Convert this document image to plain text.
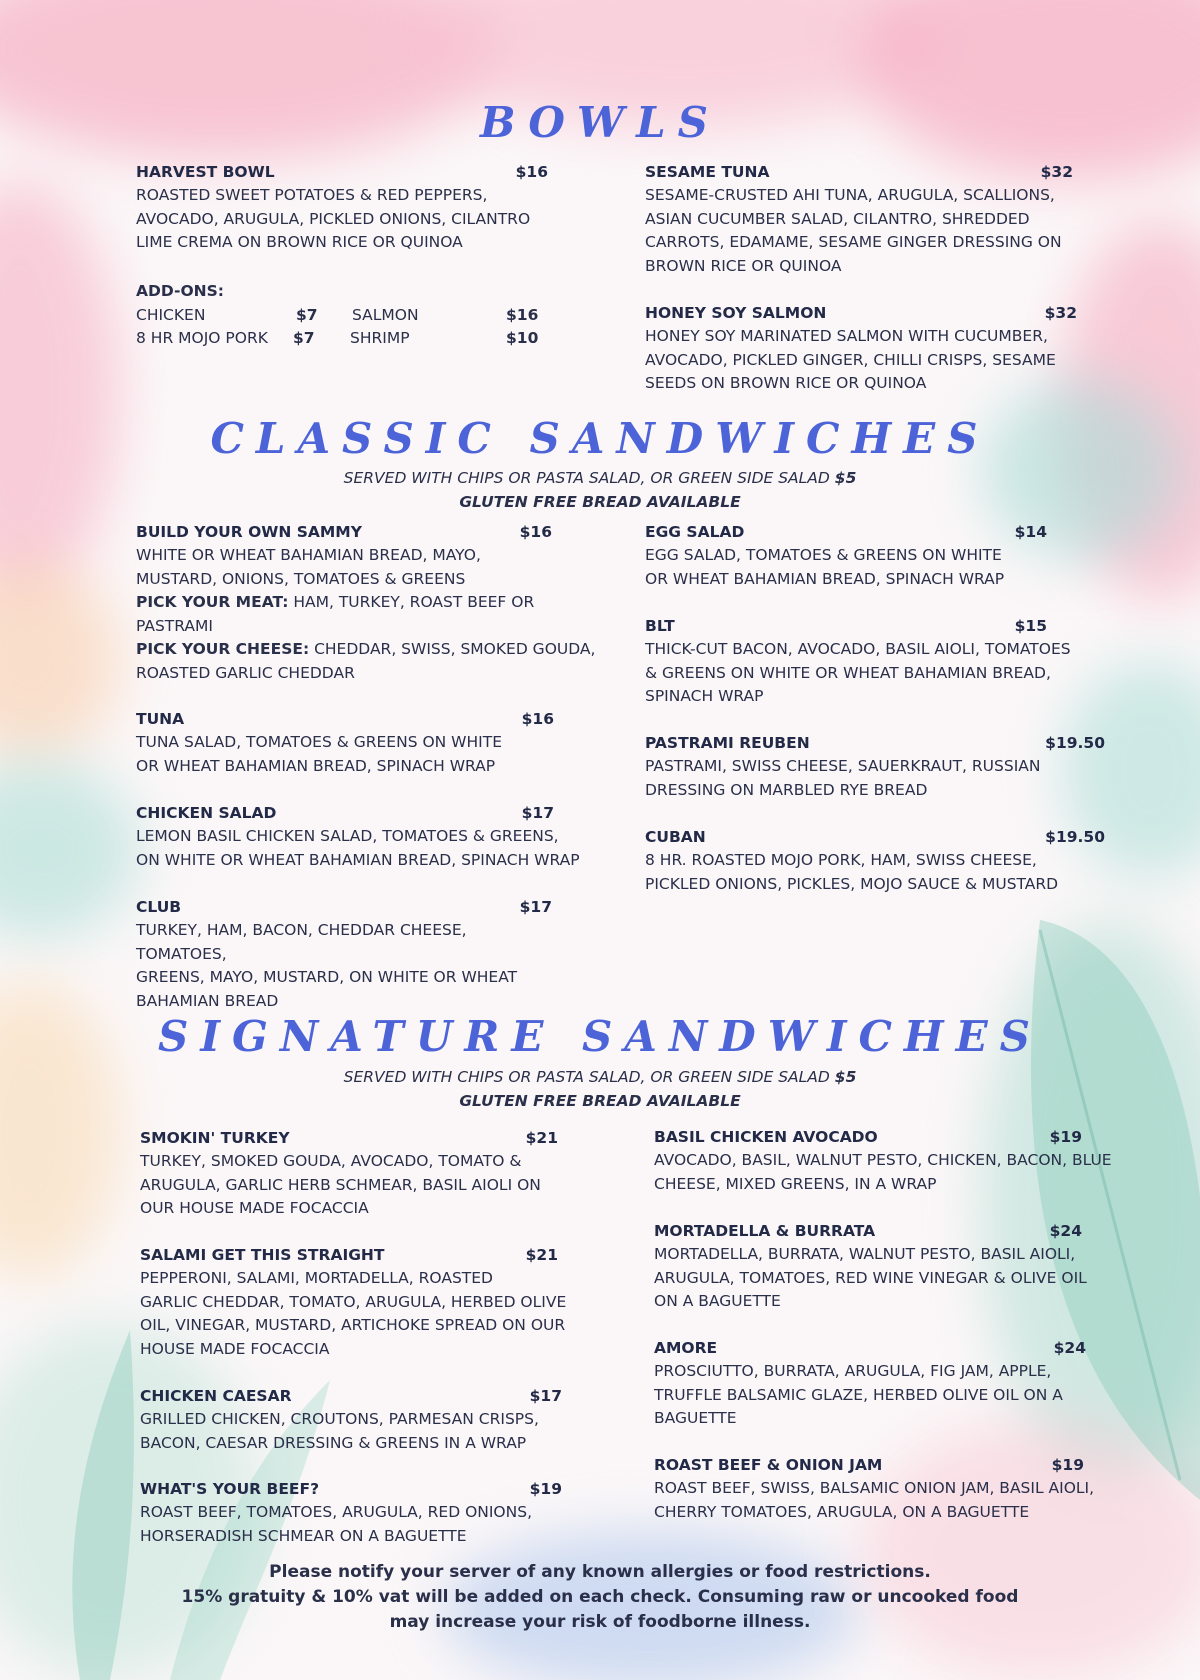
BOWLS
HARVEST BOWL	$16
ROASTED SWEET POTATOES & RED PEPPERS,
AVOCADO, ARUGULA, PICKLED ONIONS, CILANTRO
LIME CREMA ON BROWN RICE OR QUINOA
ADD-ONS:
CHICKEN	$7 SALMON	$16
8 HR MOJO PORK $7 SHRIMP	$10
SESAME TUNA	$32
SESAME-CRUSTED AHI TUNA, ARUGULA, SCALLIONS,
ASIAN CUCUMBER SALAD, CILANTRO, SHREDDED
CARROTS, EDAMAME, SESAME GINGER DRESSING ON
BROWN RICE OR QUINOA
HONEY SOY SALMON	$32
HONEY SOY MARINATED SALMON WITH CUCUMBER,
AVOCADO, PICKLED GINGER, CHILLI CRISPS, SESAME
SEEDS ON BROWN RICE OR QUINOA
CLASSIC SANDWICHES
SERVED WITH CHIPS OR PASTA SALAD, OR GREEN SIDE SALAD $5
GLUTEN FREE BREAD AVAILABLE
BUILD YOUR OWN SAMMY	$16
WHITE OR WHEAT BAHAMIAN BREAD, MAYO,
MUSTARD, ONIONS, TOMATOES & GREENS
PICK YOUR MEAT: HAM, TURKEY, ROAST BEEF OR
PASTRAMI
PICK YOUR CHEESE: CHEDDAR, SWISS, SMOKED GOUDA,
ROASTED GARLIC CHEDDAR
TUNA	$16
TUNA SALAD, TOMATOES & GREENS ON WHITE
OR WHEAT BAHAMIAN BREAD, SPINACH WRAP
CHICKEN SALAD	$17
LEMON BASIL CHICKEN SALAD, TOMATOES & GREENS,
ON WHITE OR WHEAT BAHAMIAN BREAD, SPINACH WRAP
CLUB	$17
TURKEY, HAM, BACON, CHEDDAR CHEESE, TOMATOES,
GREENS, MAYO, MUSTARD, ON WHITE OR WHEAT
BAHAMIAN BREAD
EGG SALAD	$14
EGG SALAD, TOMATOES & GREENS ON WHITE
OR WHEAT BAHAMIAN BREAD, SPINACH WRAP
BLT	$15
THICK-CUT BACON, AVOCADO, BASIL AIOLI, TOMATOES
& GREENS ON WHITE OR WHEAT BAHAMIAN BREAD,
SPINACH WRAP
PASTRAMI REUBEN	$19.50
PASTRAMI, SWISS CHEESE, SAUERKRAUT, RUSSIAN
DRESSING ON MARBLED RYE BREAD
CUBAN	$19.50
8 HR. ROASTED MOJO PORK, HAM, SWISS CHEESE,
PICKLED ONIONS, PICKLES, MOJO SAUCE & MUSTARD
SIGNATURE SANDWICHES
SERVED WITH CHIPS OR PASTA SALAD, OR GREEN SIDE SALAD $5
GLUTEN FREE BREAD AVAILABLE
SMOKIN' TURKEY	$21
TURKEY, SMOKED GOUDA, AVOCADO, TOMATO &
ARUGULA, GARLIC HERB SCHMEAR, BASIL AIOLI ON
OUR HOUSE MADE FOCACCIA
SALAMI GET THIS STRAIGHT	$21
PEPPERONI, SALAMI, MORTADELLA, ROASTED
GARLIC CHEDDAR, TOMATO, ARUGULA, HERBED OLIVE
OIL, VINEGAR, MUSTARD, ARTICHOKE SPREAD ON OUR
HOUSE MADE FOCACCIA
CHICKEN CAESAR	$17
GRILLED CHICKEN, CROUTONS, PARMESAN CRISPS,
BACON, CAESAR DRESSING & GREENS IN A WRAP
WHAT'S YOUR BEEF?	$19
ROAST BEEF, TOMATOES, ARUGULA, RED ONIONS,
HORSERADISH SCHMEAR ON A BAGUETTE
BASIL CHICKEN AVOCADO	$19
AVOCADO, BASIL, WALNUT PESTO, CHICKEN, BACON, BLUE
CHEESE, MIXED GREENS, IN A WRAP
MORTADELLA & BURRATA	$24
MORTADELLA, BURRATA, WALNUT PESTO, BASIL AIOLI,
ARUGULA, TOMATOES, RED WINE VINEGAR & OLIVE OIL
ON A BAGUETTE
AMORE	$24
PROSCIUTTO, BURRATA, ARUGULA, FIG JAM, APPLE,
TRUFFLE BALSAMIC GLAZE, HERBED OLIVE OIL ON A
BAGUETTE
ROAST BEEF & ONION JAM	$19
ROAST BEEF, SWISS, BALSAMIC ONION JAM, BASIL AIOLI,
CHERRY TOMATOES, ARUGULA, ON A BAGUETTE
Please notify your server of any known allergies or food restrictions.
15% gratuity & 10% vat will be added on each check. Consuming raw or uncooked food
may increase your risk of foodborne illness.
